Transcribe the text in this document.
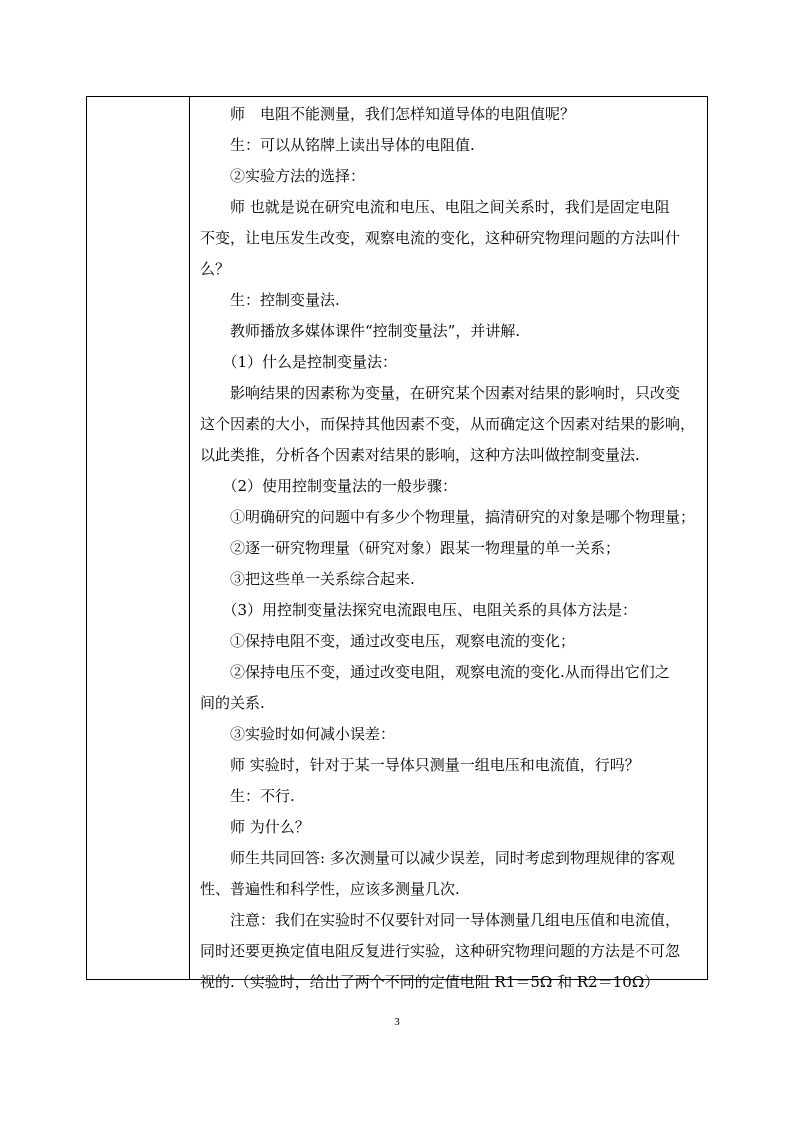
　　师　电阻不能测量，我们怎样知道导体的电阻值呢？
　　生：可以从铭牌上读出导体的电阻值.
　　②实验方法的选择：
　　师 也就是说在研究电流和电压、电阻之间关系时，我们是固定电阻
不变，让电压发生改变，观察电流的变化，这种研究物理问题的方法叫什
么？
　　生：控制变量法.
　　教师播放多媒体课件“控制变量法”，并讲解.
　　（1）什么是控制变量法：
　　影响结果的因素称为变量，在研究某个因素对结果的影响时，只改变
这个因素的大小，而保持其他因素不变，从而确定这个因素对结果的影响，
以此类推，分析各个因素对结果的影响，这种方法叫做控制变量法.
　　（2）使用控制变量法的一般步骤：
　　①明确研究的问题中有多少个物理量，搞清研究的对象是哪个物理量；
　　②逐一研究物理量（研究对象）跟某一物理量的单一关系；
　　③把这些单一关系综合起来.
　　（3）用控制变量法探究电流跟电压、电阻关系的具体方法是：
　　①保持电阻不变，通过改变电压，观察电流的变化；
　　②保持电压不变，通过改变电阻，观察电流的变化.从而得出它们之
间的关系.
　　③实验时如何减小误差：
　　师 实验时，针对于某一导体只测量一组电压和电流值，行吗？
　　生：不行.
　　师 为什么？
　　师生共同回答: 多次测量可以减少误差，同时考虑到物理规律的客观
性、普遍性和科学性，应该多测量几次.
　　注意：我们在实验时不仅要针对同一导体测量几组电压值和电流值，
同时还要更换定值电阻反复进行实验，这种研究物理问题的方法是不可忽
视的.（实验时，给出了两个不同的定值电阻 R1＝5Ω 和 R2＝10Ω）
3
